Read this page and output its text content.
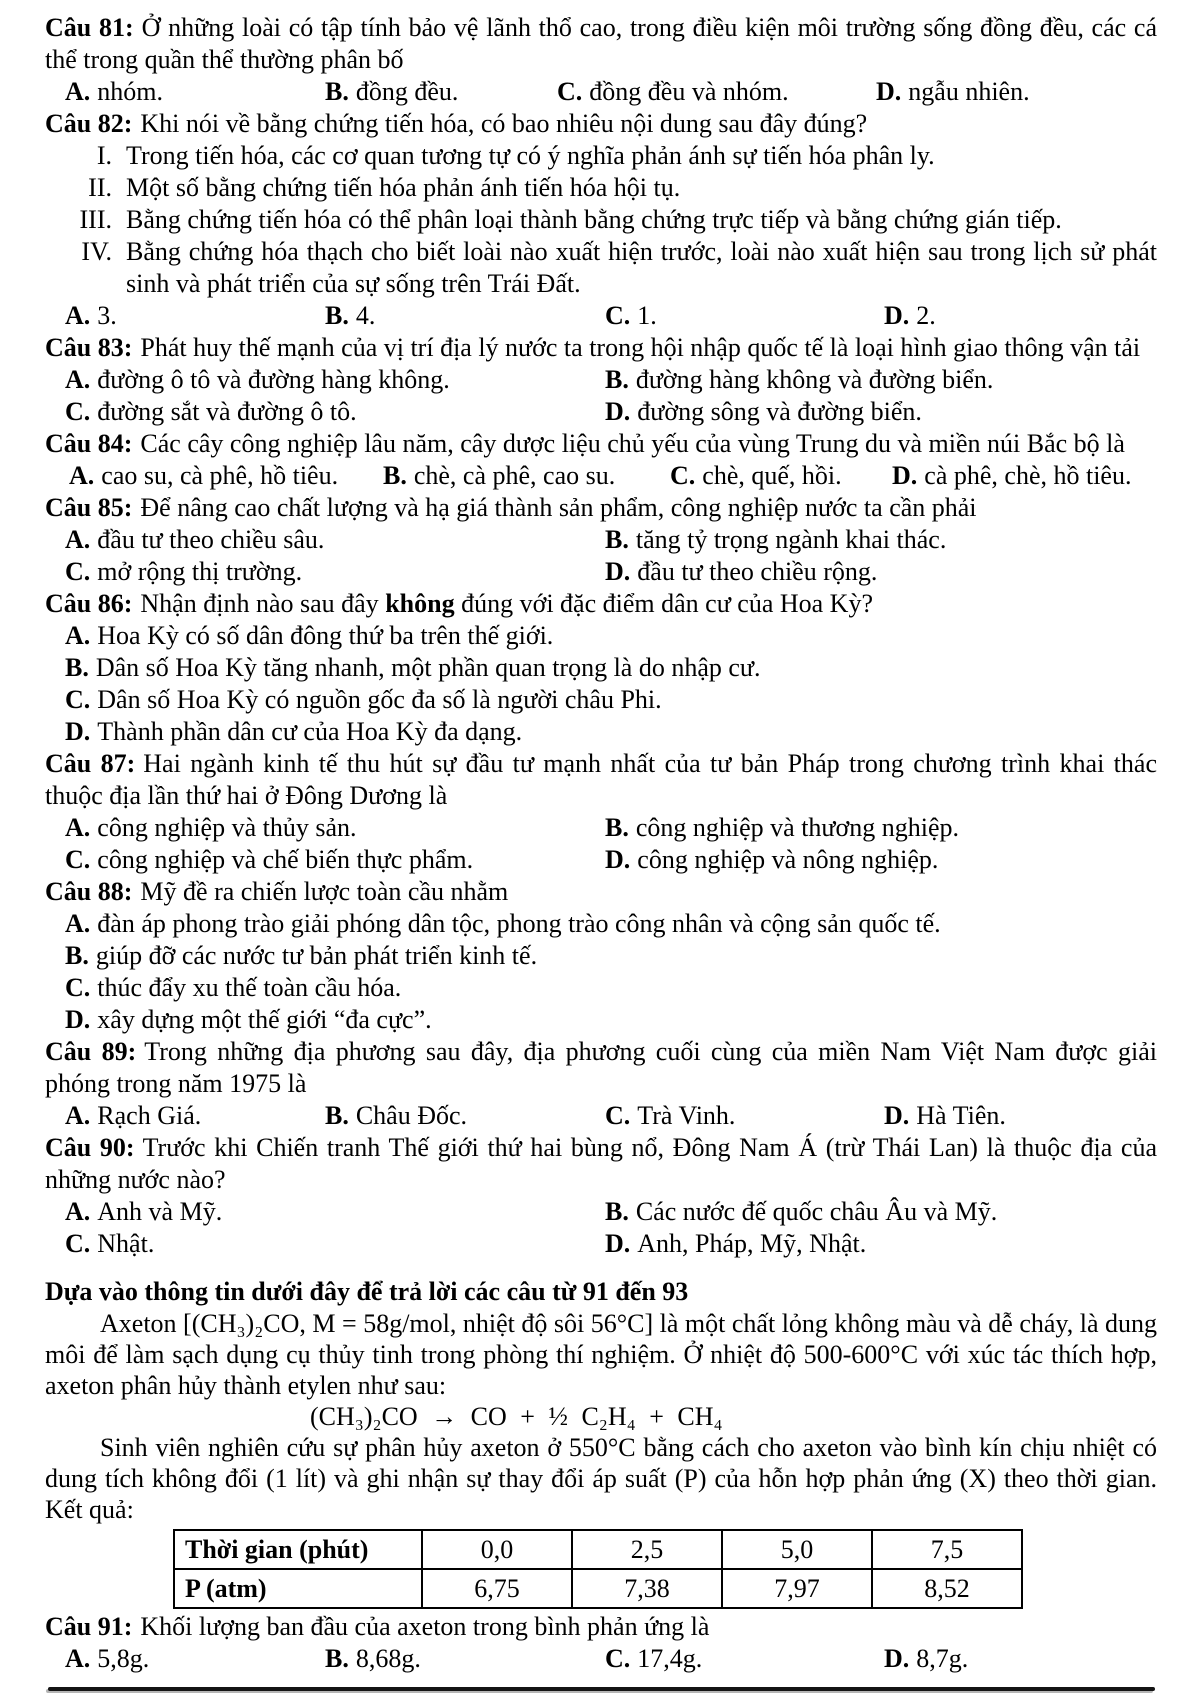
Câu 81: Ở những loài có tập tính bảo vệ lãnh thổ cao, trong điều kiện môi trường sống đồng đều, các cá thể trong quần thể thường phân bố
A. nhóm.	B. đồng đều.	C. đồng đều và nhóm.	D. ngẫu nhiên.
Câu 82: Khi nói về bằng chứng tiến hóa, có bao nhiêu nội dung sau đây đúng?
I. Trong tiến hóa, các cơ quan tương tự có ý nghĩa phản ánh sự tiến hóa phân ly.
II. Một số bằng chứng tiến hóa phản ánh tiến hóa hội tụ.
III. Bằng chứng tiến hóa có thể phân loại thành bằng chứng trực tiếp và bằng chứng gián tiếp.
IV. Bằng chứng hóa thạch cho biết loài nào xuất hiện trước, loài nào xuất hiện sau trong lịch sử phát sinh và phát triển của sự sống trên Trái Đất.
A. 3.	B. 4.	C. 1.	D. 2.
Câu 83: Phát huy thế mạnh của vị trí địa lý nước ta trong hội nhập quốc tế là loại hình giao thông vận tải
A. đường ô tô và đường hàng không.	B. đường hàng không và đường biển.
C. đường sắt và đường ô tô.	D. đường sông và đường biển.
Câu 84: Các cây công nghiệp lâu năm, cây dược liệu chủ yếu của vùng Trung du và miền núi Bắc bộ là
A. cao su, cà phê, hồ tiêu.	B. chè, cà phê, cao su.	C. chè, quế, hồi.	D. cà phê, chè, hồ tiêu.
Câu 85: Để nâng cao chất lượng và hạ giá thành sản phẩm, công nghiệp nước ta cần phải
A. đầu tư theo chiều sâu.	B. tăng tỷ trọng ngành khai thác.
C. mở rộng thị trường.	D. đầu tư theo chiều rộng.
Câu 86: Nhận định nào sau đây không đúng với đặc điểm dân cư của Hoa Kỳ?
A. Hoa Kỳ có số dân đông thứ ba trên thế giới.
B. Dân số Hoa Kỳ tăng nhanh, một phần quan trọng là do nhập cư.
C. Dân số Hoa Kỳ có nguồn gốc đa số là người châu Phi.
D. Thành phần dân cư của Hoa Kỳ đa dạng.
Câu 87: Hai ngành kinh tế thu hút sự đầu tư mạnh nhất của tư bản Pháp trong chương trình khai thác thuộc địa lần thứ hai ở Đông Dương là
A. công nghiệp và thủy sản.	B. công nghiệp và thương nghiệp.
C. công nghiệp và chế biến thực phẩm.	D. công nghiệp và nông nghiệp.
Câu 88: Mỹ đề ra chiến lược toàn cầu nhằm
A. đàn áp phong trào giải phóng dân tộc, phong trào công nhân và cộng sản quốc tế.
B. giúp đỡ các nước tư bản phát triển kinh tế.
C. thúc đẩy xu thế toàn cầu hóa.
D. xây dựng một thế giới “đa cực”.
Câu 89: Trong những địa phương sau đây, địa phương cuối cùng của miền Nam Việt Nam được giải phóng trong năm 1975 là
A. Rạch Giá.	B. Châu Đốc.	C. Trà Vinh.	D. Hà Tiên.
Câu 90: Trước khi Chiến tranh Thế giới thứ hai bùng nổ, Đông Nam Á (trừ Thái Lan) là thuộc địa của những nước nào?
A. Anh và Mỹ.	B. Các nước đế quốc châu Âu và Mỹ.
C. Nhật.	D. Anh, Pháp, Mỹ, Nhật.
Dựa vào thông tin dưới đây để trả lời các câu từ 91 đến 93
Axeton [(CH₃)₂CO, M = 58g/mol, nhiệt độ sôi 56°C] là một chất lỏng không màu và dễ cháy, là dung môi để làm sạch dụng cụ thủy tinh trong phòng thí nghiệm. Ở nhiệt độ 500-600°C với xúc tác thích hợp, axeton phân hủy thành etylen như sau:
(CH₃)₂CO → CO + ½ C₂H₄ + CH₄
Sinh viên nghiên cứu sự phân hủy axeton ở 550°C bằng cách cho axeton vào bình kín chịu nhiệt có dung tích không đổi (1 lít) và ghi nhận sự thay đổi áp suất (P) của hỗn hợp phản ứng (X) theo thời gian. Kết quả:
Thời gian (phút)	0,0	2,5	5,0	7,5
P (atm)	6,75	7,38	7,97	8,52
Câu 91: Khối lượng ban đầu của axeton trong bình phản ứng là
A. 5,8g.	B. 8,68g.	C. 17,4g.	D. 8,7g.
